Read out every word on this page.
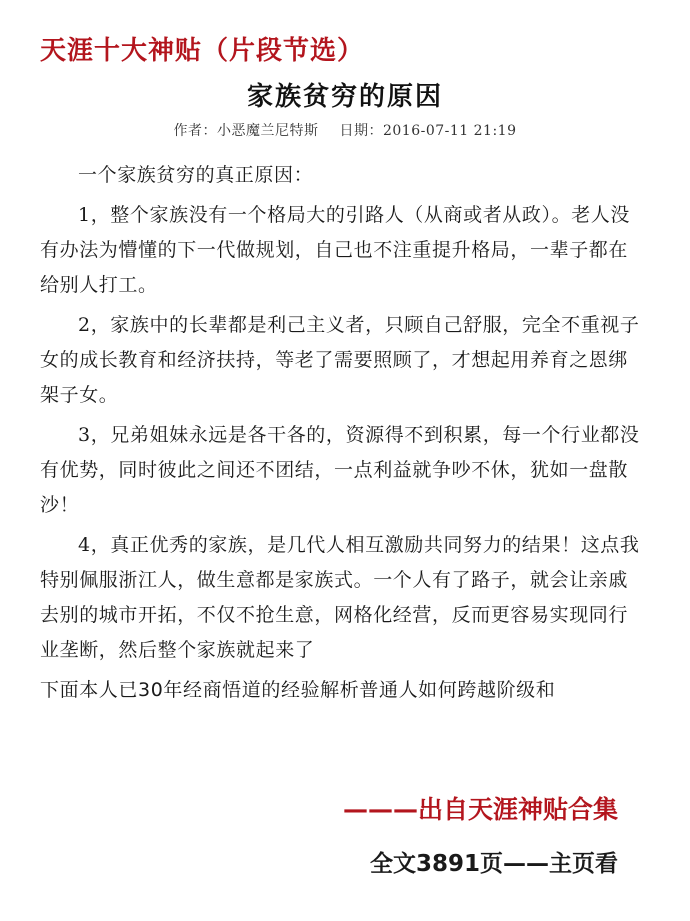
天涯十大神贴（片段节选）
家族贫穷的原因
作者：小恶魔兰尼特斯 日期：2016-07-11 21:19

一个家族贫穷的真正原因：

1，整个家族没有一个格局大的引路人（从商或者从政）。老人没有办法为懵懂的下一代做规划，自己也不注重提升格局，一辈子都在给别人打工。

2，家族中的长辈都是利己主义者，只顾自己舒服，完全不重视子女的成长教育和经济扶持，等老了需要照顾了，才想起用养育之恩绑架子女。

3，兄弟姐妹永远是各干各的，资源得不到积累，每一个行业都没有优势，同时彼此之间还不团结，一点利益就争吵不休，犹如一盘散沙！

4，真正优秀的家族，是几代人相互激励共同努力的结果！这点我特别佩服浙江人，做生意都是家族式。一个人有了路子，就会让亲戚去别的城市开拓，不仅不抢生意，网格化经营，反而更容易实现同行业垄断，然后整个家族就起来了

下面本人已30年经商悟道的经验解析普通人如何跨越阶级和

———出自天涯神贴合集
全文3891页——主页看
